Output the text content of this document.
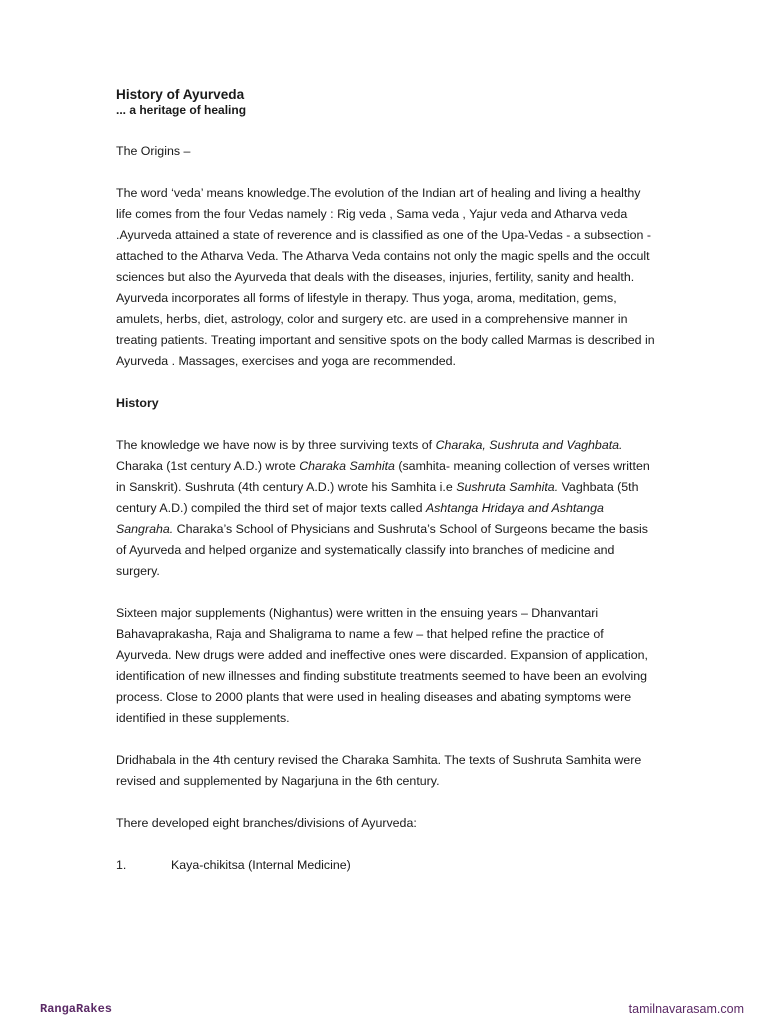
History of Ayurveda

... a heritage of healing

The Origins –

The word ‘veda’ means knowledge.The evolution of the Indian art of healing and living a healthy life comes from the four Vedas namely : Rig veda , Sama veda , Yajur veda and Atharva veda .Ayurveda attained a state of reverence and is classified as one of the Upa-Vedas - a subsection - attached to the Atharva Veda. The Atharva Veda contains not only the magic spells and the occult sciences but also the Ayurveda that deals with the diseases, injuries, fertility, sanity and health.

Ayurveda incorporates all forms of lifestyle in therapy. Thus yoga, aroma, meditation, gems, amulets, herbs, diet, astrology, color and surgery etc. are used in a comprehensive manner in treating patients. Treating important and sensitive spots on the body called Marmas is described in Ayurveda . Massages, exercises and yoga are recommended.

History

The knowledge we have now is by three surviving texts of Charaka, Sushruta and Vaghbata. Charaka (1st century A.D.) wrote Charaka Samhita (samhita- meaning collection of verses written in Sanskrit). Sushruta (4th century A.D.) wrote his Samhita i.e Sushruta Samhita. Vaghbata (5th century A.D.) compiled the third set of major texts called Ashtanga Hridaya and Ashtanga Sangraha. Charaka’s School of Physicians and Sushruta’s School of Surgeons became the basis of Ayurveda and helped organize and systematically classify into branches of medicine and surgery.

Sixteen major supplements (Nighantus) were written in the ensuing years – Dhanvantari Bahavaprakasha, Raja and Shaligrama to name a few – that helped refine the practice of Ayurveda. New drugs were added and ineffective ones were discarded. Expansion of application, identification of new illnesses and finding substitute treatments seemed to have been an evolving process. Close to 2000 plants that were used in healing diseases and abating symptoms were identified in these supplements.

Dridhabala in the 4th century revised the Charaka Samhita. The texts of Sushruta Samhita were revised and supplemented by Nagarjuna in the 6th century.

There developed eight branches/divisions of Ayurveda:

1.	Kaya-chikitsa (Internal Medicine)
RangaRakes	tamilnavarasam.com
